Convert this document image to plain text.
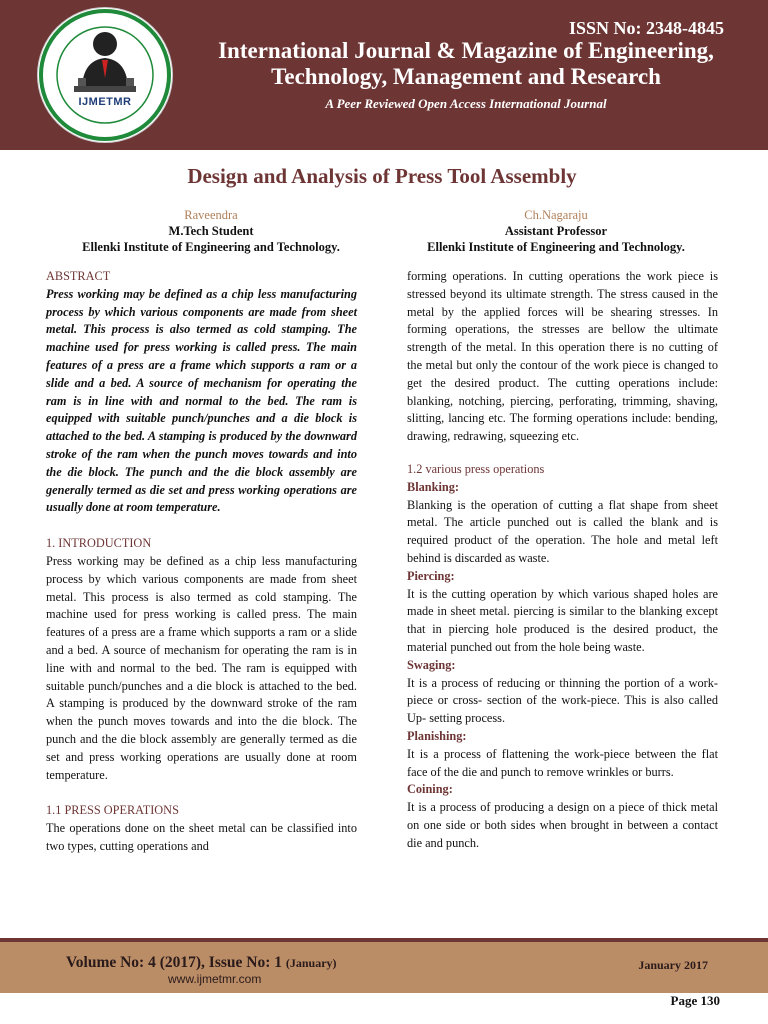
IJMETMR
ISSN No: 2348-4845
International Journal & Magazine of Engineering,
Technology, Management and Research
A Peer Reviewed Open Access International Journal
Design and Analysis of Press Tool Assembly
Raveendra
M.Tech Student
Ellenki Institute of Engineering and Technology.
Ch.Nagaraju
Assistant Professor
Ellenki Institute of Engineering and Technology.

ABSTRACT

Press working may be defined as a chip less manufacturing process by which various components are made from sheet metal. This process is also termed as cold stamping. The machine used for press working is called press. The main features of a press are a frame which supports a ram or a slide and a bed. A source of mechanism for operating the ram is in line with and normal to the bed. The ram is equipped with suitable punch/punches and a die block is attached to the bed. A stamping is produced by the downward stroke of the ram when the punch moves towards and into the die block. The punch and the die block assembly are generally termed as die set and press working operations are usually done at room temperature.

1. INTRODUCTION

Press working may be defined as a chip less manufacturing process by which various components are made from sheet metal. This process is also termed as cold stamping. The machine used for press working is called press. The main features of a press are a frame which supports a ram or a slide and a bed. A source of mechanism for operating the ram is in line with and normal to the bed. The ram is equipped with suitable punch/punches and a die block is attached to the bed. A stamping is produced by the downward stroke of the ram when the punch moves towards and into the die block. The punch and the die block assembly are generally termed as die set and press working operations are usually done at room temperature.

1.1 PRESS OPERATIONS

The operations done on the sheet metal can be classified into two types, cutting operations and

forming operations. In cutting operations the work piece is stressed beyond its ultimate strength. The stress caused in the metal by the applied forces will be shearing stresses. In forming operations, the stresses are bellow the ultimate strength of the metal. In this operation there is no cutting of the metal but only the contour of the work piece is changed to get the desired product. The cutting operations include: blanking, notching, piercing, perforating, trimming, shaving, slitting, lancing etc. The forming operations include: bending, drawing, redrawing, squeezing etc.

1.2 various press operations

Blanking:

Blanking is the operation of cutting a flat shape from sheet metal. The article punched out is called the blank and is required product of the operation. The hole and metal left behind is discarded as waste.

Piercing:

It is the cutting operation by which various shaped holes are made in sheet metal. piercing is similar to the blanking except that in piercing hole produced is the desired product, the material punched out from the hole being waste.

Swaging:

It is a process of reducing or thinning the portion of a work-piece or cross- section of the work-piece. This is also called Up- setting process.

Planishing:

It is a process of flattening the work-piece between the flat face of the die and punch to remove wrinkles or burrs.

Coining:

It is a process of producing a design on a piece of thick metal on one side or both sides when brought in between a contact die and punch.

Volume No: 4 (2017), Issue No: 1 (January)
www.ijmetmr.com
January 2017
Page 130
